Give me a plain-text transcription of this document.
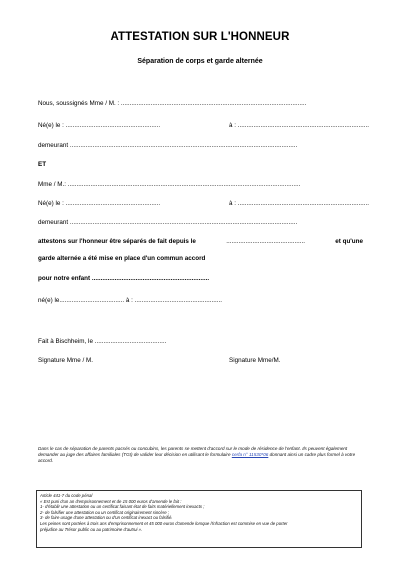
ATTESTATION SUR L'HONNEUR
Séparation de corps et garde alternée
Nous, soussignés Mme / M. : ..........................................................................................................
Né(e) le : ......................................................	à : ...........................................................................
demeurant ..................................................................................................................................
ET
Mme / M.: .....................................................................................................................................
Né(e) le : ......................................................	à : ...........................................................................
demeurant ..................................................................................................................................
attestons sur l'honneur être séparés de fait depuis le	.............................................	et qu'une
garde alternée a été mise en place d'un commun accord
pour notre enfant ...................................................................
né(e) le..................................... à : ..................................................
Fait à Bischheim, le .........................................
Signature Mme / M.	Signature Mme/M.
Dans le cas de séparation de parents pacsés ou concubins, les parents se mettent d'accord sur le mode de résidence de l'enfant. Ils peuvent également demander au juge des affaires familiales (TGI) de valider leur décision en utilisant le formulaire cerfa n° 11530*06 donnant ainsi un cadre plus formel à votre accord.
Article 441-7 du code pénal
« Est puni d'un an d'emprisonnement et de 15 000 euros d'amende le fait :
1- d'établir une attestation ou un certificat faisant état de faits matériellement inexacts ;
2- de falsifier une attestation ou un certificat originairement sincère ;
3- de faire usage d'une attestation ou d'un certificat inexact ou falsifié.
Les peines sont portées à trois ans d'emprisonnement et 45 000 euros d'amende lorsque l'infraction est commise en vue de porter
préjudice au Trésor public ou au patrimoine d'autrui ».
